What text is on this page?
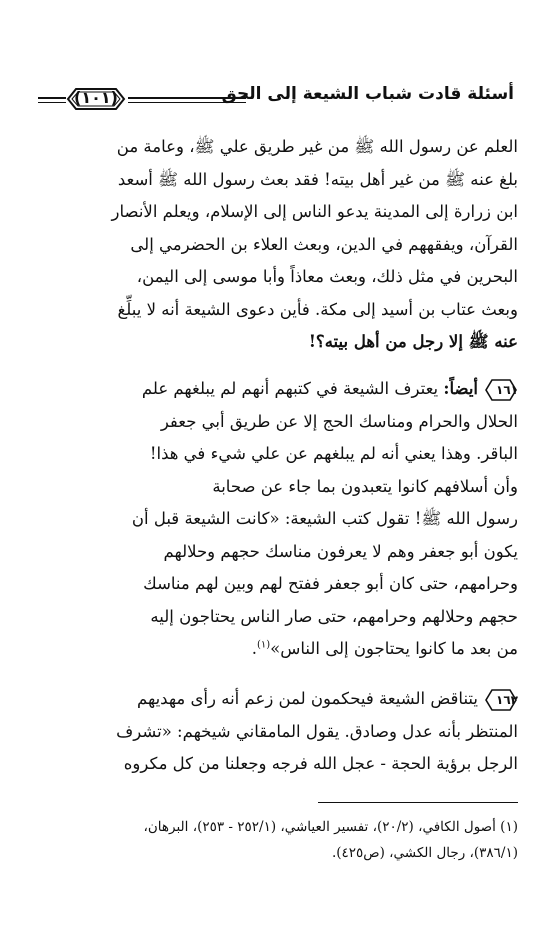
أسئلة قادت شباب الشيعة إلى الحق
(١٠١)
العلم عن رسول الله ﷺ من غير طريق علي ﷺ، وعامة من
بلغ عنه ﷺ من غير أهل بيته! فقد بعث رسول الله ﷺ أسعد
ابن زرارة إلى المدينة يدعو الناس إلى الإسلام، ويعلم الأنصار
القرآن، ويفقههم في الدين، وبعث العلاء بن الحضرمي إلى
البحرين في مثل ذلك، وبعث معاذاً وأبا موسى إلى اليمن،
وبعث عتاب بن أسيد إلى مكة. فأين دعوى الشيعة أنه لا يبلِّغ
عنه ﷺ إلا رجل من أهل بيته؟!
١٦١
أيضاً: يعترف الشيعة في كتبهم أنهم لم يبلغهم علم
الحلال والحرام ومناسك الحج إلا عن طريق أبي جعفر
الباقر. وهذا يعني أنه لم يبلغهم عن علي شيء في هذا!
وأن أسلافهم كانوا يتعبدون بما جاء عن صحابة
رسول الله ﷺ! تقول كتب الشيعة: «كانت الشيعة قبل أن
يكون أبو جعفر وهم لا يعرفون مناسك حجهم وحلالهم
وحرامهم، حتى كان أبو جعفر ففتح لهم وبين لهم مناسك
حجهم وحلالهم وحرامهم، حتى صار الناس يحتاجون إليه
من بعد ما كانوا يحتاجون إلى الناس»$^{(١)}$.
١٦٢
يتناقض الشيعة فيحكمون لمن زعم أنه رأى مهديهم
المنتظر بأنه عدل وصادق. يقول المامقاني شيخهم: «تشرف
الرجل برؤية الحجة - عجل الله فرجه وجعلنا من كل مكروه
(١) أصول الكافي، (٢٠/٢)، تفسير العياشي، (٢٥٢/١ - ٢٥٣)، البرهان،
(٣٨٦/١)، رجال الكشي، (ص٤٢٥).
